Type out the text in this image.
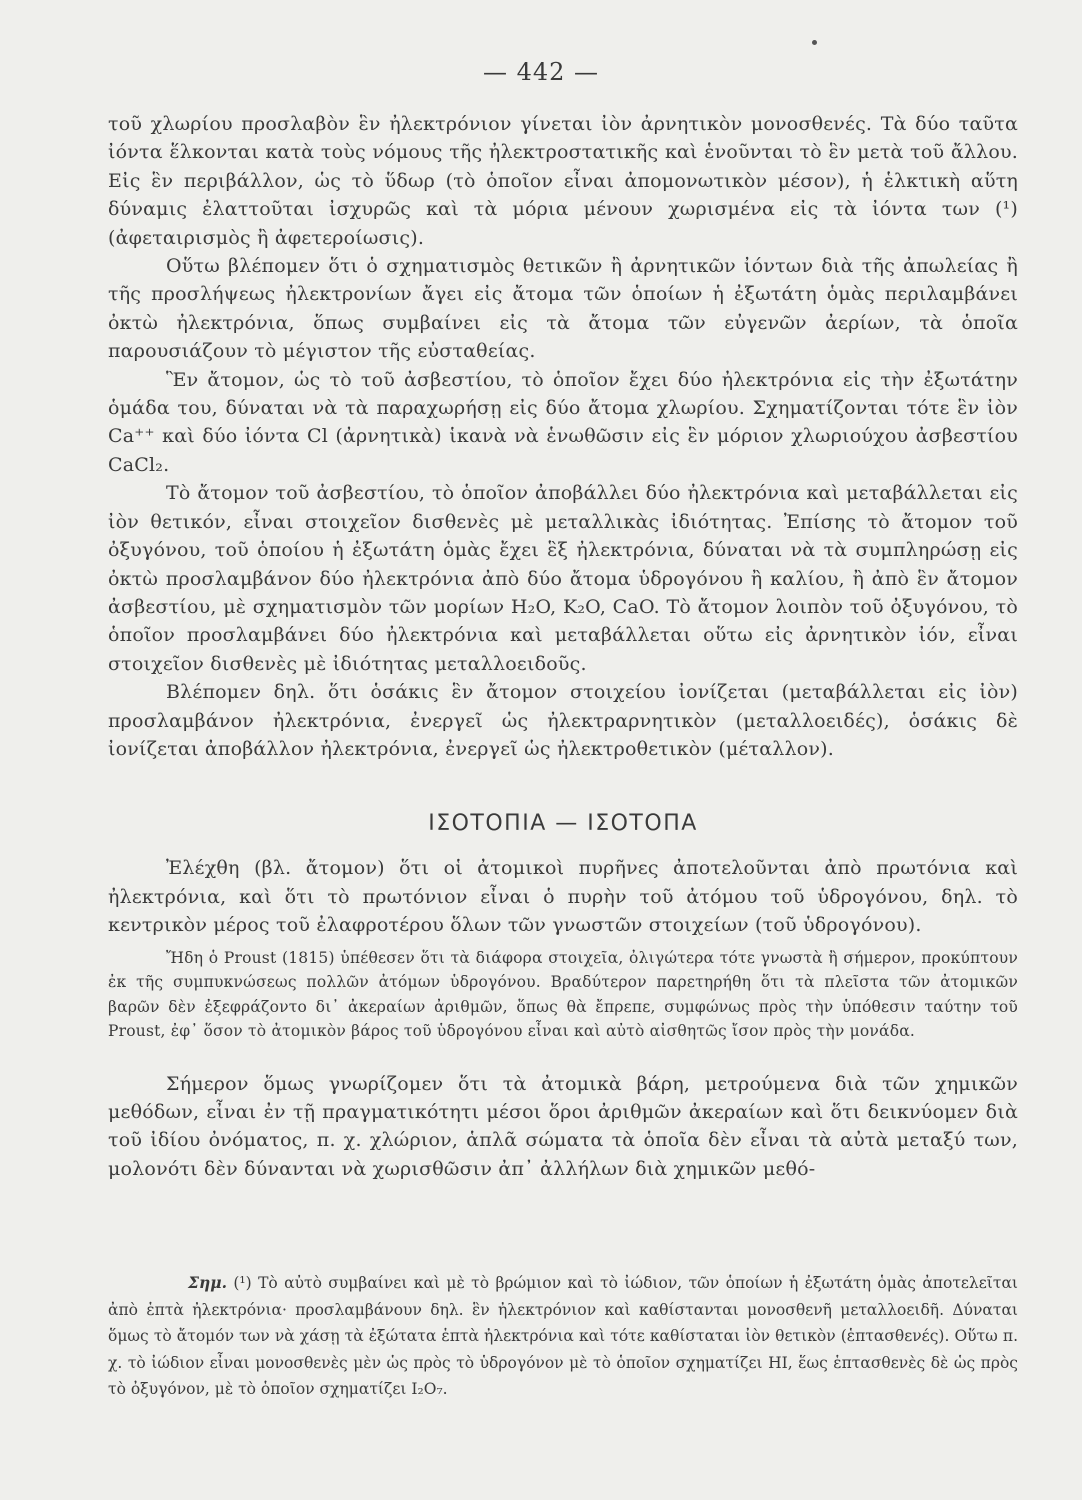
— 442 —

τοῦ χλωρίου προσλαβὸν ἓν ἠλεκτρόνιον γίνεται ἰὸν ἀρνητικὸν μονοσθενές. Τὰ δύο ταῦτα ἰόντα ἕλκονται κατὰ τοὺς νόμους τῆς ἠλεκτροστατικῆς καὶ ἑνοῦνται τὸ ἓν μετὰ τοῦ ἄλλου. Εἰς ἓν περιβάλλον, ὡς τὸ ὕδωρ (τὸ ὁποῖον εἶναι ἀπομονωτικὸν μέσον), ἡ ἑλκτικὴ αὕτη δύναμις ἐλαττοῦται ἰσχυρῶς καὶ τὰ μόρια μένουν χωρισμένα εἰς τὰ ἰόντα των (¹) (ἀφεταιρισμὸς ἢ ἀφετεροίωσις).

Οὕτω βλέπομεν ὅτι ὁ σχηματισμὸς θετικῶν ἢ ἀρνητικῶν ἰόντων διὰ τῆς ἀπωλείας ἢ τῆς προσλήψεως ἠλεκτρονίων ἄγει εἰς ἄτομα τῶν ὁποίων ἡ ἐξωτάτη ὁμὰς περιλαμβάνει ὀκτὼ ἠλεκτρόνια, ὅπως συμβαίνει εἰς τὰ ἄτομα τῶν εὐγενῶν ἀερίων, τὰ ὁποῖα παρουσιάζουν τὸ μέγιστον τῆς εὐσταθείας.

Ἓν ἄτομον, ὡς τὸ τοῦ ἀσβεστίου, τὸ ὁποῖον ἔχει δύο ἠλεκτρόνια εἰς τὴν ἐξωτάτην ὁμάδα του, δύναται νὰ τὰ παραχωρήσῃ εἰς δύο ἄτομα χλωρίου. Σχηματίζονται τότε ἓν ἰὸν Ca⁺⁺ καὶ δύο ἰόντα Cl (ἀρνητικὰ) ἱκανὰ νὰ ἑνωθῶσιν εἰς ἓν μόριον χλωριούχου ἀσβεστίου CaCl₂.

Τὸ ἄτομον τοῦ ἀσβεστίου, τὸ ὁποῖον ἀποβάλλει δύο ἠλεκτρόνια καὶ μεταβάλλεται εἰς ἰὸν θετικόν, εἶναι στοιχεῖον δισθενὲς μὲ μεταλλικὰς ἰδιότητας. Ἐπίσης τὸ ἄτομον τοῦ ὀξυγόνου, τοῦ ὁποίου ἡ ἐξωτάτη ὁμὰς ἔχει ἓξ ἠλεκτρόνια, δύναται νὰ τὰ συμπληρώσῃ εἰς ὀκτὼ προσλαμβάνον δύο ἠλεκτρόνια ἀπὸ δύο ἄτομα ὑδρογόνου ἢ καλίου, ἢ ἀπὸ ἓν ἄτομον ἀσβεστίου, μὲ σχηματισμὸν τῶν μορίων H₂O, K₂O, CaO. Τὸ ἄτομον λοιπὸν τοῦ ὀξυγόνου, τὸ ὁποῖον προσλαμβάνει δύο ἠλεκτρόνια καὶ μεταβάλλεται οὕτω εἰς ἀρνητικὸν ἰόν, εἶναι στοιχεῖον δισθενὲς μὲ ἰδιότητας μεταλλοειδοῦς.

Βλέπομεν δηλ. ὅτι ὁσάκις ἓν ἄτομον στοιχείου ἰονίζεται (μεταβάλλεται εἰς ἰὸν) προσλαμβάνον ἠλεκτρόνια, ἐνεργεῖ ὡς ἠλεκτραρνητικὸν (μεταλλοειδές), ὁσάκις δὲ ἰονίζεται ἀποβάλλον ἠλεκτρόνια, ἐνεργεῖ ὡς ἠλεκτροθετικὸν (μέταλλον).

ΙΣΟΤΟΠΙΑ — ΙΣΟΤΟΠΑ

Ἐλέχθη (βλ. ἄτομον) ὅτι οἱ ἀτομικοὶ πυρῆνες ἀποτελοῦνται ἀπὸ πρωτόνια καὶ ἠλεκτρόνια, καὶ ὅτι τὸ πρωτόνιον εἶναι ὁ πυρὴν τοῦ ἀτόμου τοῦ ὑδρογόνου, δηλ. τὸ κεντρικὸν μέρος τοῦ ἐλαφροτέρου ὅλων τῶν γνωστῶν στοιχείων (τοῦ ὑδρογόνου).

Ἤδη ὁ Proust (1815) ὑπέθεσεν ὅτι τὰ διάφορα στοιχεῖα, ὀλιγώτερα τότε γνωστὰ ἢ σήμερον, προκύπτουν ἐκ τῆς συμπυκνώσεως πολλῶν ἀτόμων ὑδρογόνου. Βραδύτερον παρετηρήθη ὅτι τὰ πλεῖστα τῶν ἀτομικῶν βαρῶν δὲν ἐξεφράζοντο δι᾽ ἀκεραίων ἀριθμῶν, ὅπως θὰ ἔπρεπε, συμφώνως πρὸς τὴν ὑπόθεσιν ταύτην τοῦ Proust, ἐφ᾽ ὅσον τὸ ἀτομικὸν βάρος τοῦ ὑδρογόνου εἶναι καὶ αὐτὸ αἰσθητῶς ἴσον πρὸς τὴν μονάδα.

Σήμερον ὅμως γνωρίζομεν ὅτι τὰ ἀτομικὰ βάρη, μετρούμενα διὰ τῶν χημικῶν μεθόδων, εἶναι ἐν τῇ πραγματικότητι μέσοι ὅροι ἀριθμῶν ἀκεραίων καὶ ὅτι δεικνύομεν διὰ τοῦ ἰδίου ὀνόματος, π. χ. χλώριον, ἁπλᾶ σώματα τὰ ὁποῖα δὲν εἶναι τὰ αὐτὰ μεταξύ των, μολονότι δὲν δύνανται νὰ χωρισθῶσιν ἀπ᾽ ἀλλήλων διὰ χημικῶν μεθό-

Σημ. (¹) Τὸ αὐτὸ συμβαίνει καὶ μὲ τὸ βρώμιον καὶ τὸ ἰώδιον, τῶν ὁποίων ἡ ἐξωτάτη ὁμὰς ἀποτελεῖται ἀπὸ ἑπτὰ ἠλεκτρόνια· προσλαμβάνουν δηλ. ἓν ἠλεκτρόνιον καὶ καθίστανται μονοσθενῆ μεταλλοειδῆ. Δύναται ὅμως τὸ ἄτομόν των νὰ χάσῃ τὰ ἐξώτατα ἑπτὰ ἠλεκτρόνια καὶ τότε καθίσταται ἰὸν θετικὸν (ἑπτασθενές). Οὕτω π. χ. τὸ ἰώδιον εἶναι μονοσθενὲς μὲν ὡς πρὸς τὸ ὑδρογόνον μὲ τὸ ὁποῖον σχηματίζει HI, ἕως ἑπτασθενὲς δὲ ὡς πρὸς τὸ ὀξυγόνον, μὲ τὸ ὁποῖον σχηματίζει I₂O₇.
